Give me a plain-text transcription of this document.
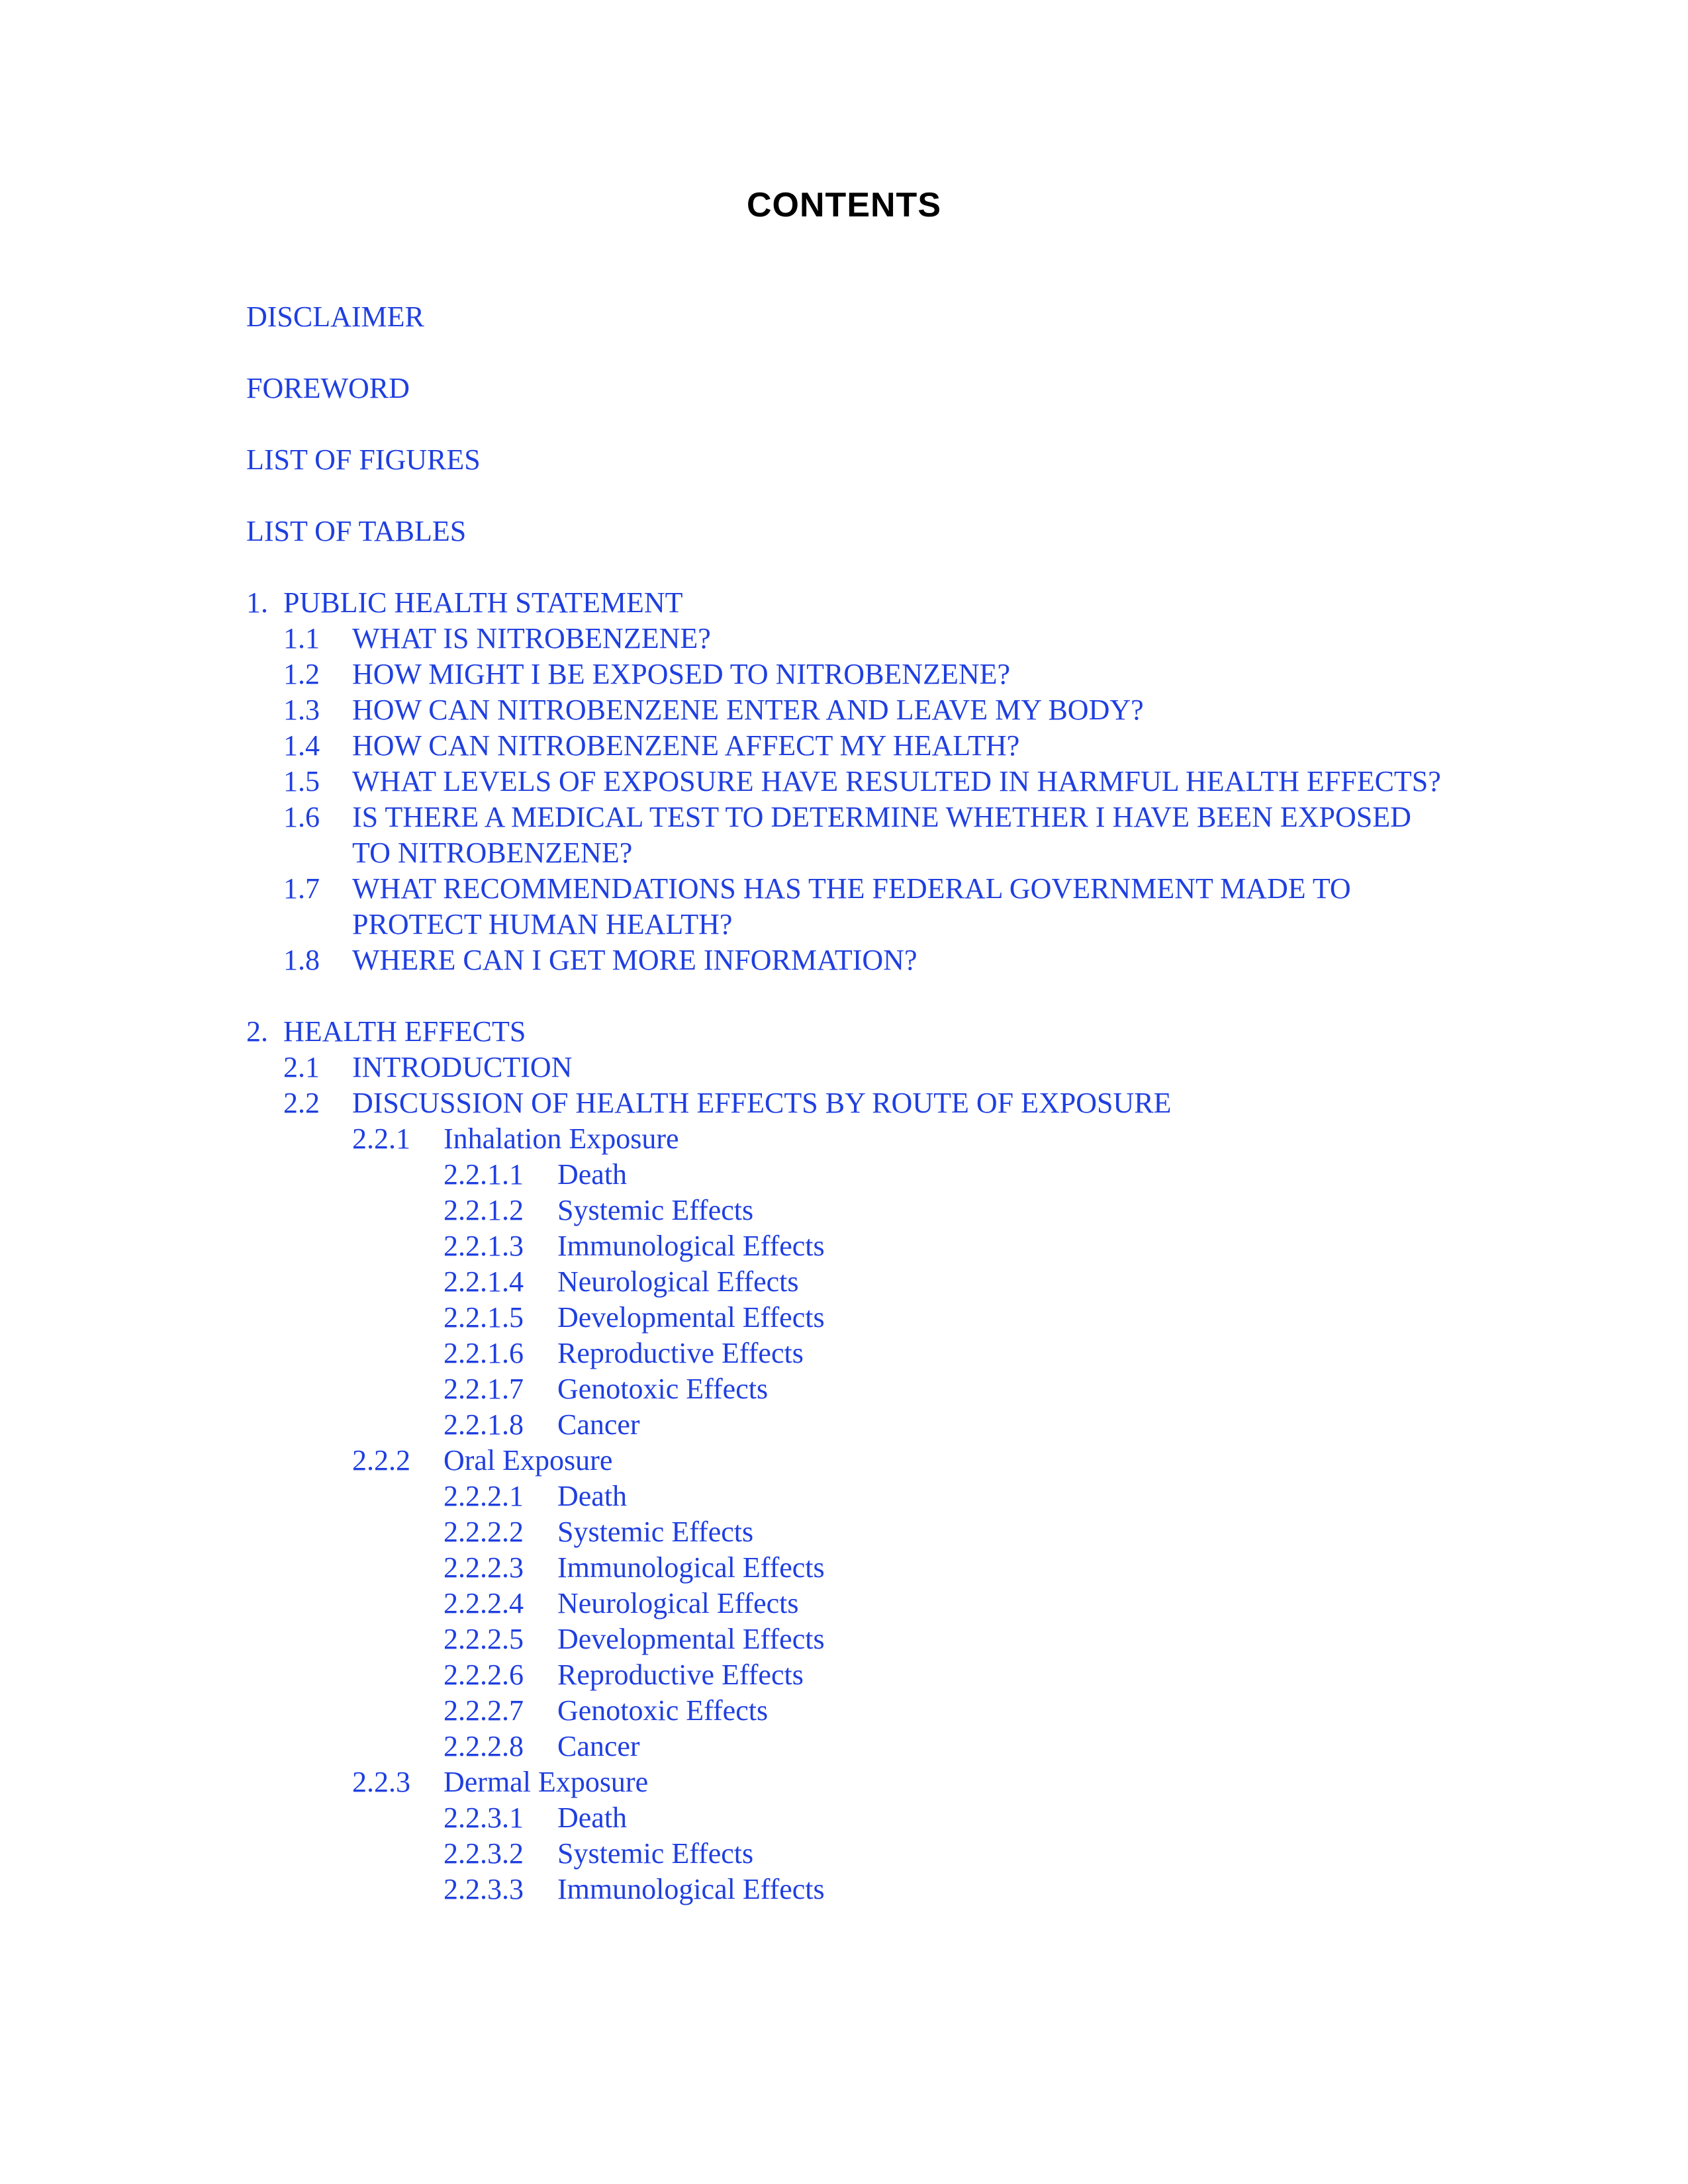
CONTENTS
DISCLAIMER
FOREWORD
LIST OF FIGURES
LIST OF TABLES
1. PUBLIC HEALTH STATEMENT
1.1 WHAT IS NITROBENZENE?
1.2 HOW MIGHT I BE EXPOSED TO NITROBENZENE?
1.3 HOW CAN NITROBENZENE ENTER AND LEAVE MY BODY?
1.4 HOW CAN NITROBENZENE AFFECT MY HEALTH?
1.5 WHAT LEVELS OF EXPOSURE HAVE RESULTED IN HARMFUL HEALTH EFFECTS?
1.6 IS THERE A MEDICAL TEST TO DETERMINE WHETHER I HAVE BEEN EXPOSED TO NITROBENZENE?
1.7 WHAT RECOMMENDATIONS HAS THE FEDERAL GOVERNMENT MADE TO PROTECT HUMAN HEALTH?
1.8 WHERE CAN I GET MORE INFORMATION?
2. HEALTH EFFECTS
2.1 INTRODUCTION
2.2 DISCUSSION OF HEALTH EFFECTS BY ROUTE OF EXPOSURE
2.2.1 Inhalation Exposure
2.2.1.1 Death
2.2.1.2 Systemic Effects
2.2.1.3 Immunological Effects
2.2.1.4 Neurological Effects
2.2.1.5 Developmental Effects
2.2.1.6 Reproductive Effects
2.2.1.7 Genotoxic Effects
2.2.1.8 Cancer
2.2.2 Oral Exposure
2.2.2.1 Death
2.2.2.2 Systemic Effects
2.2.2.3 Immunological Effects
2.2.2.4 Neurological Effects
2.2.2.5 Developmental Effects
2.2.2.6 Reproductive Effects
2.2.2.7 Genotoxic Effects
2.2.2.8 Cancer
2.2.3 Dermal Exposure
2.2.3.1 Death
2.2.3.2 Systemic Effects
2.2.3.3 Immunological Effects
